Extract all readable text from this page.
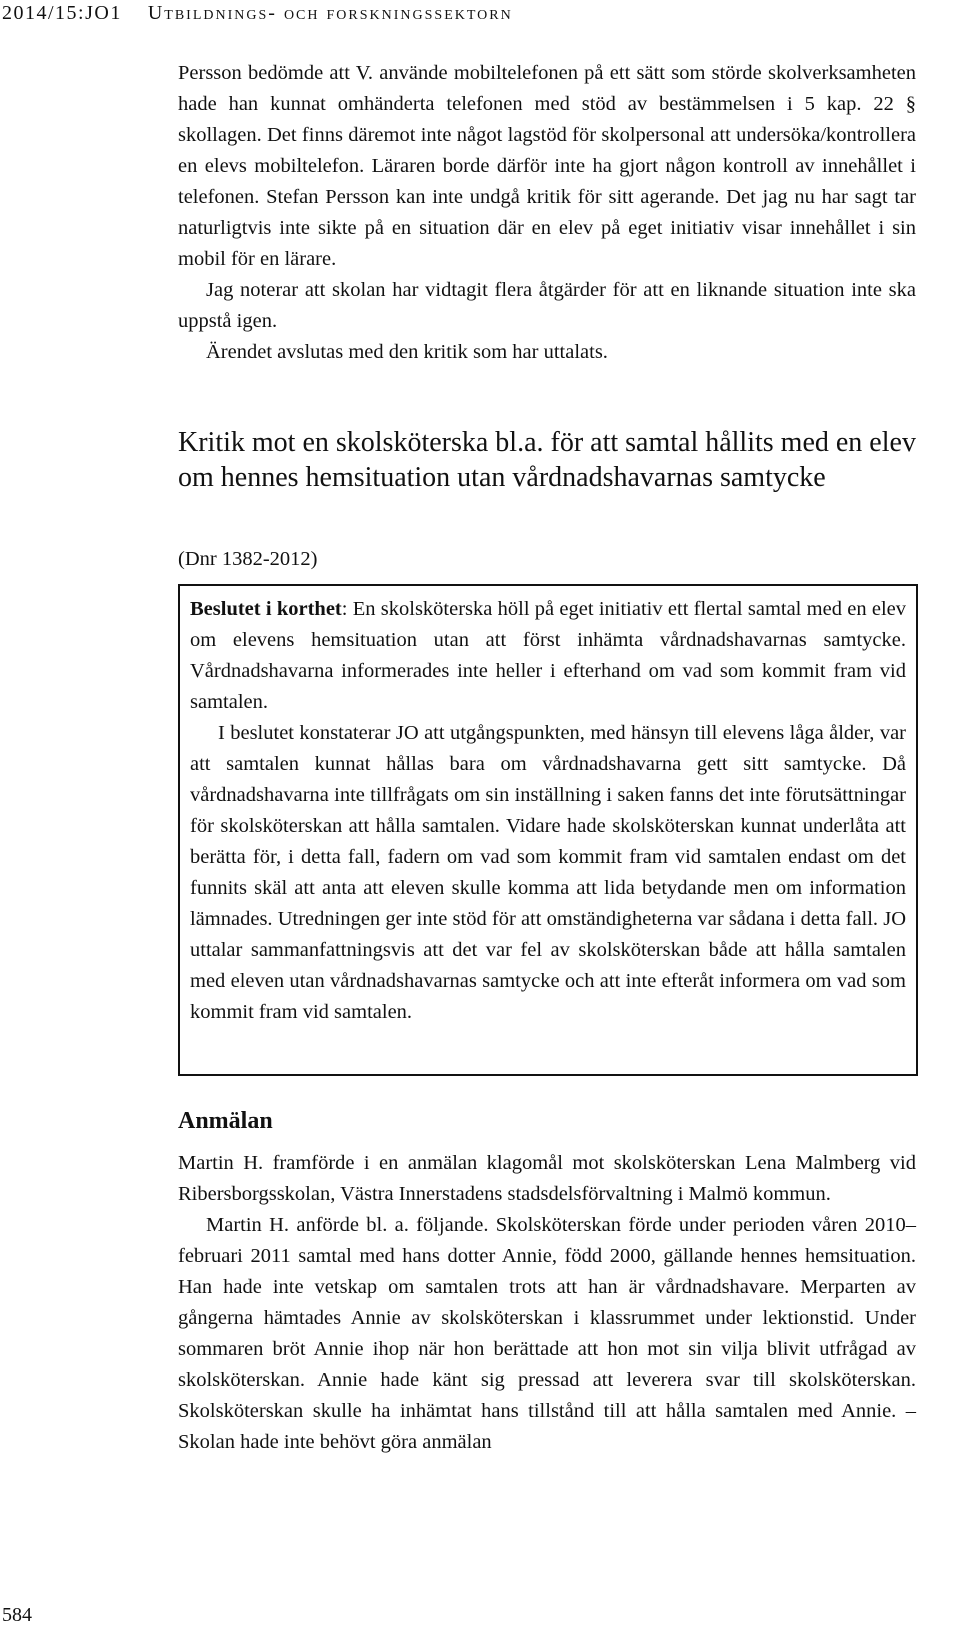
2014/15:JO1 Utbildnings- och forskningssektorn

Persson bedömde att V. använde mobiltelefonen på ett sätt som störde skolverksamheten hade han kunnat omhänderta telefonen med stöd av bestämmelsen i 5 kap. 22 § skollagen. Det finns däremot inte något lagstöd för skolpersonal att undersöka/kontrollera en elevs mobiltelefon. Läraren borde därför inte ha gjort någon kontroll av innehållet i telefonen. Stefan Persson kan inte undgå kritik för sitt agerande. Det jag nu har sagt tar naturligtvis inte sikte på en situation där en elev på eget initiativ visar innehållet i sin mobil för en lärare.

Jag noterar att skolan har vidtagit flera åtgärder för att en liknande situation inte ska uppstå igen.

Ärendet avslutas med den kritik som har uttalats.

Kritik mot en skolsköterska bl.a. för att samtal hållits med en elev om hennes hemsituation utan vårdnadshavarnas samtycke
(Dnr 1382-2012)

Beslutet i korthet: En skolsköterska höll på eget initiativ ett flertal samtal med en elev om elevens hemsituation utan att först inhämta vårdnadshavarnas samtycke. Vårdnadshavarna informerades inte heller i efterhand om vad som kommit fram vid samtalen.

I beslutet konstaterar JO att utgångspunkten, med hänsyn till elevens låga ålder, var att samtalen kunnat hållas bara om vårdnadshavarna gett sitt samtycke. Då vårdnadshavarna inte tillfrågats om sin inställning i saken fanns det inte förutsättningar för skolsköterskan att hålla samtalen. Vidare hade skolsköterskan kunnat underlåta att berätta för, i detta fall, fadern om vad som kommit fram vid samtalen endast om det funnits skäl att anta att eleven skulle komma att lida betydande men om information lämnades. Utredningen ger inte stöd för att omständigheterna var sådana i detta fall. JO uttalar sammanfattningsvis att det var fel av skolsköterskan både att hålla samtalen med eleven utan vårdnadshavarnas samtycke och att inte efteråt informera om vad som kommit fram vid samtalen.

Anmälan

Martin H. framförde i en anmälan klagomål mot skolsköterskan Lena Malmberg vid Ribersborgsskolan, Västra Innerstadens stadsdelsförvaltning i Malmö kommun.

Martin H. anförde bl. a. följande. Skolsköterskan förde under perioden våren 2010–februari 2011 samtal med hans dotter Annie, född 2000, gällande hennes hemsituation. Han hade inte vetskap om samtalen trots att han är vårdnadshavare. Merparten av gångerna hämtades Annie av skolsköterskan i klassrummet under lektionstid. Under sommaren bröt Annie ihop när hon berättade att hon mot sin vilja blivit utfrågad av skolsköterskan. Annie hade känt sig pressad att leverera svar till skolsköterskan. Skolsköterskan skulle ha inhämtat hans tillstånd till att hålla samtalen med Annie. – Skolan hade inte behövt göra anmälan

584
